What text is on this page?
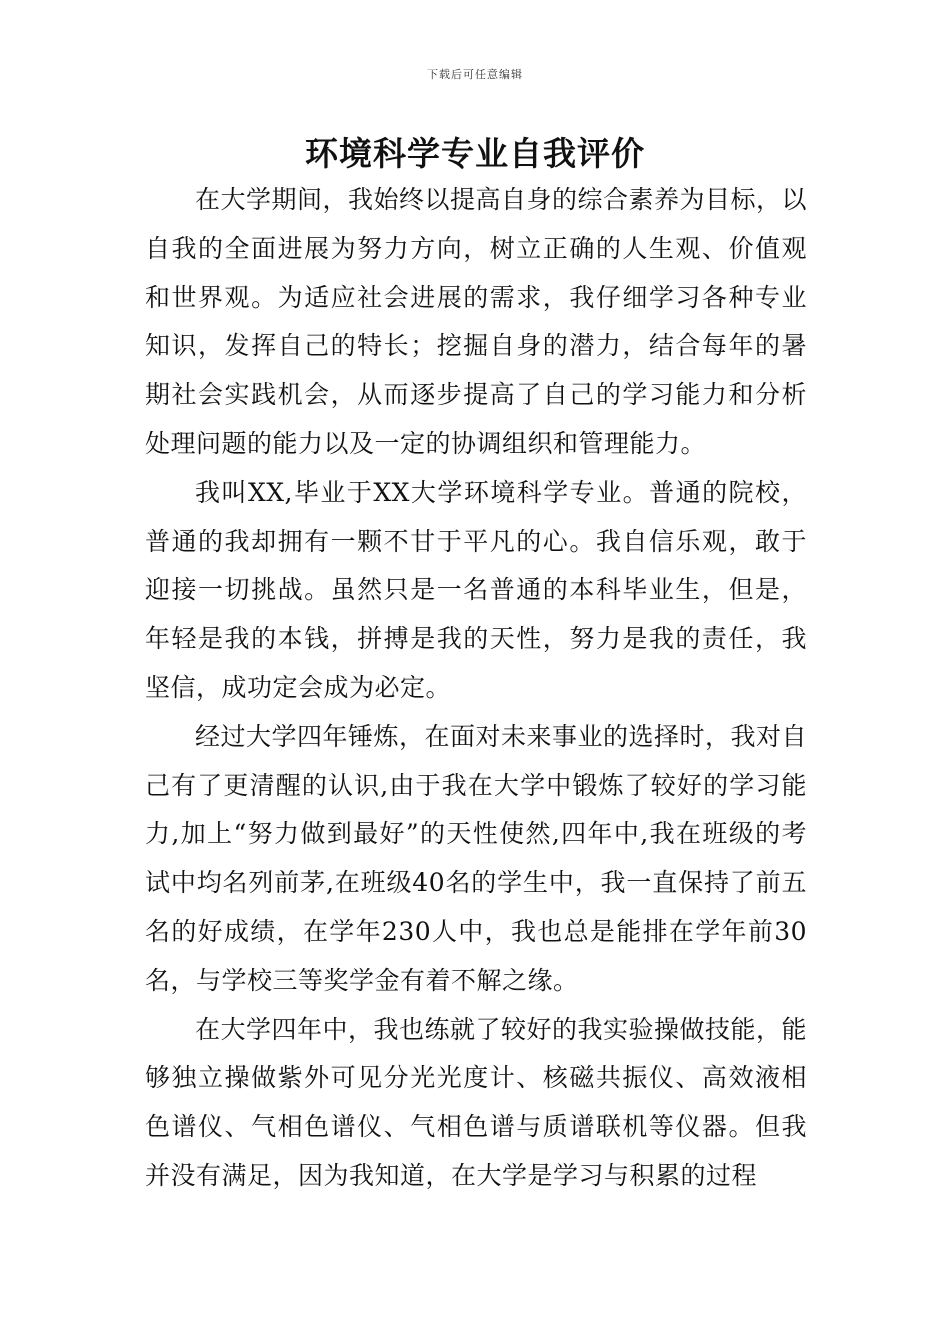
下载后可任意编辑
环境科学专业自我评价

在大学期间，我始终以提高自身的综合素养为目标，以自我的全面进展为努力方向，树立正确的人生观、价值观和世界观。为适应社会进展的需求，我仔细学习各种专业知识，发挥自己的特长；挖掘自身的潜力，结合每年的暑期社会实践机会，从而逐步提高了自己的学习能力和分析处理问题的能力以及一定的协调组织和管理能力。

我叫XX,毕业于XX大学环境科学专业。普通的院校，普通的我却拥有一颗不甘于平凡的心。我自信乐观，敢于迎接一切挑战。虽然只是一名普通的本科毕业生，但是，年轻是我的本钱，拼搏是我的天性，努力是我的责任，我坚信，成功定会成为必定。

经过大学四年锤炼，在面对未来事业的选择时，我对自己有了更清醒的认识,由于我在大学中锻炼了较好的学习能力,加上“努力做到最好”的天性使然,四年中,我在班级的考试中均名列前茅,在班级40名的学生中，我一直保持了前五名的好成绩，在学年230人中，我也总是能排在学年前30名，与学校三等奖学金有着不解之缘。

在大学四年中，我也练就了较好的我实验操做技能，能够独立操做紫外可见分光光度计、核磁共振仪、高效液相色谱仪、气相色谱仪、气相色谱与质谱联机等仪器。但我并没有满足，因为我知道，在大学是学习与积累的过程
